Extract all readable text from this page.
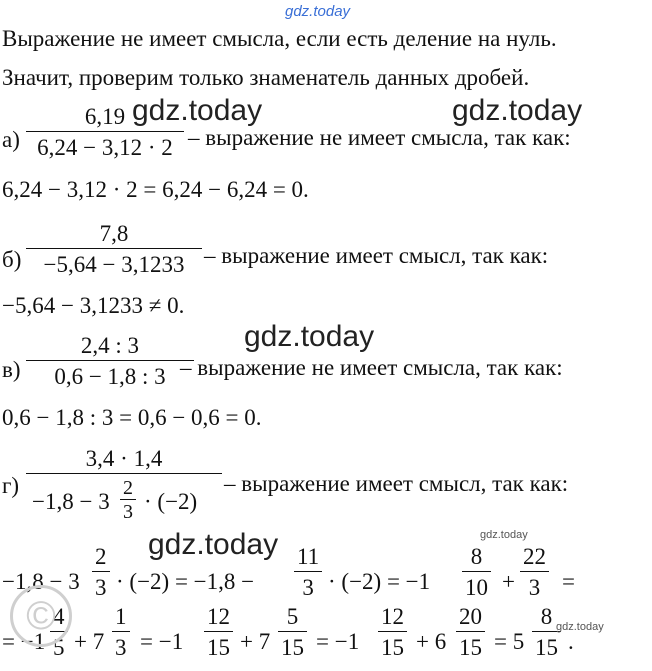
gdz.today
Выражение не имеет смысла, если есть деление на нуль.
Значит, проверим только знаменатель данных дробей.
а)
6,19
6,24 − 3,12 · 2 – выражение не имеет смысла, так как:
6,24 − 3,12 · 2 = 6,24 − 6,24 = 0.
б)
7,8
−5,64 − 3,1233 – выражение имеет смысл, так как:
−5,64 − 3,1233 ≠ 0.
в)
2,4 : 3
0,6 − 1,8 : 3 – выражение не имеет смысла, так как:
0,6 − 1,8 : 3 = 0,6 − 0,6 = 0.
г)
3,4 · 1,4
−1,8 − 3
2
3 · (−2)
– выражение имеет смысл, так как:
−1,8 − 3
2
3 · (−2) = −1,8 −
11
3 · (−2) = −1
8
10 +
22
3 =
= −1
4
5 + 7
1
3 = −1
12
15 + 7
5
15 = −1
12
15 + 6
20
15 = 5
8
15 .
gdz.today	gdz.today
gdz.today
gdz.today	gdz.today
gdz.today
©
